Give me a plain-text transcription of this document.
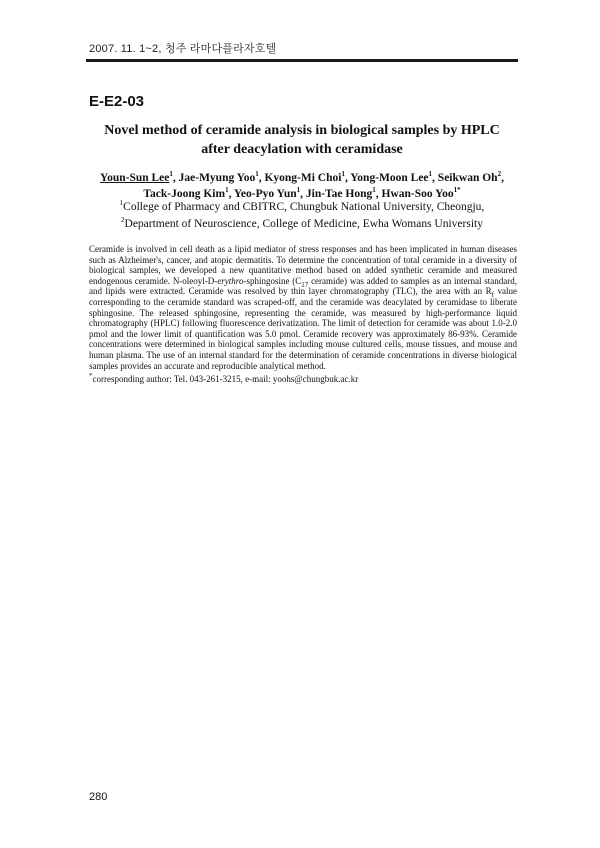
2007. 11. 1~2, 청주 라마다플라자호텔
E-E2-03
Novel method of ceramide analysis in biological samples by HPLC
after deacylation with ceramidase
Youn-Sun Lee$^1$, Jae-Myung Yoo$^1$, Kyong-Mi Choi$^1$, Yong-Moon Lee$^1$, Seikwan Oh$^2$,
Tack-Joong Kim$^1$, Yeo-Pyo Yun$^1$, Jin-Tae Hong$^1$, Hwan-Soo Yoo$^{1*}$
$^1$College of Pharmacy and CBITRC, Chungbuk National University, Cheongju,
$^2$Department of Neuroscience, College of Medicine, Ewha Womans University

Ceramide is involved in cell death as a lipid mediator of stress responses and has been implicated in human diseases such as Alzheimer's, cancer, and atopic dermatitis. To determine the concentration of total ceramide in a diversity of biological samples, we developed a new quantitative method based on added synthetic ceramide and measured endogenous ceramide. N-oleoyl-D-erythro-sphingosine ($C_{17}$ ceramide) was added to samples as an internal standard, and lipids were extracted. Ceramide was resolved by thin layer chromatography (TLC), the area with an $R_f$ value corresponding to the ceramide standard was scraped-off, and the ceramide was deacylated by ceramidase to liberate sphingosine. The released sphingosine, representing the ceramide, was measured by high-performance liquid chromatography (HPLC) following fluorescence derivatization. The limit of detection for ceramide was about 1.0-2.0 pmol and the lower limit of quantification was 5.0 pmol. Ceramide recovery was approximately 86-93%. Ceramide concentrations were determined in biological samples including mouse cultured cells, mouse tissues, and mouse and human plasma. The use of an internal standard for the determination of ceramide concentrations in diverse biological samples provides an accurate and reproducible analytical method.

*corresponding author: Tel. 043-261-3215, e-mail: yoohs@chungbuk.ac.kr
280
